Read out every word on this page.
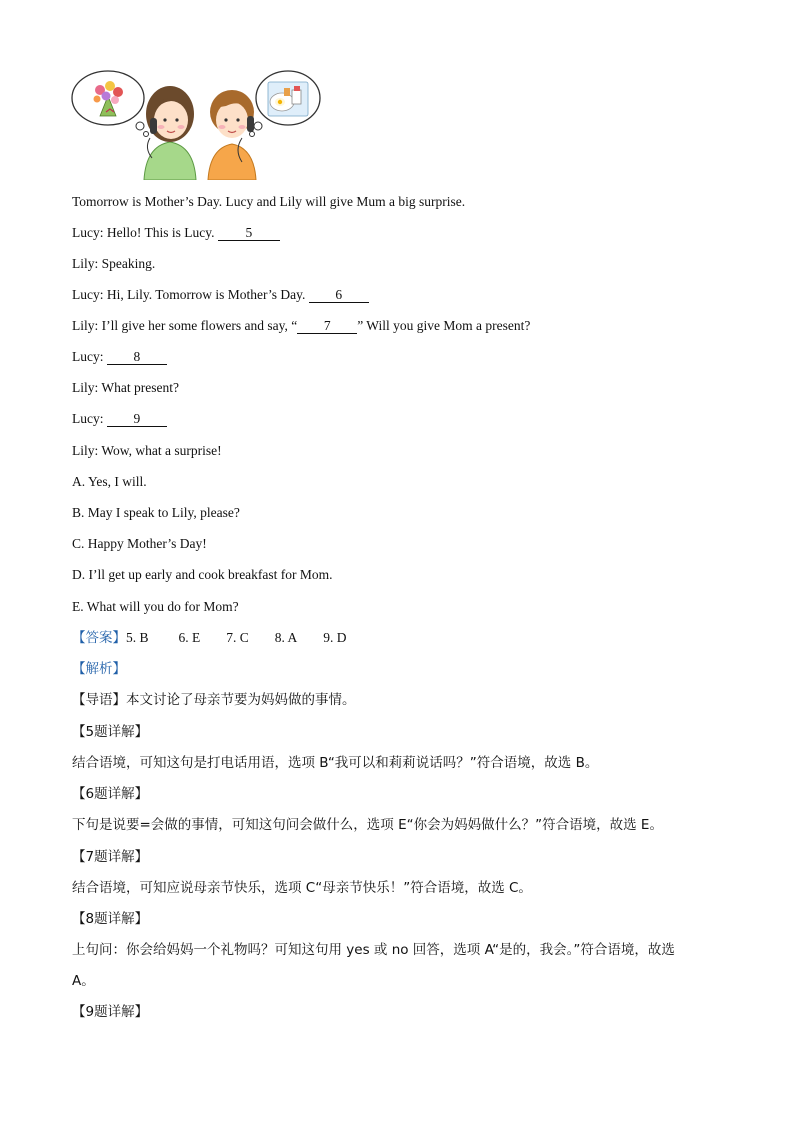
Tomorrow is Mother’s Day. Lucy and Lily will give Mum a big surprise.
Lucy: Hello! This is Lucy. 5
Lily: Speaking.
Lucy: Hi, Lily. Tomorrow is Mother’s Day. 6
Lily: I’ll give her some flowers and say, “ 7 ” Will you give Mom a present?
Lucy: 8
Lily: What present?
Lucy: 9
Lily: Wow, what a surprise!
A. Yes, I will.
B. May I speak to Lily, please?
C. Happy Mother’s Day!
D. I’ll get up early and cook breakfast for Mom.
E. What will you do for Mom?
【答案】5. B 6. E 7. C 8. A 9. D
【解析】
【导语】本文讨论了母亲节要为妈妈做的事情。
【5题详解】
结合语境，可知这句是打电话用语，选项 B“我可以和莉莉说话吗？”符合语境，故选 B。
【6题详解】
下句是说要=会做的事情，可知这句问会做什么，选项 E“你会为妈妈做什么？”符合语境，故选 E。
【7题详解】
结合语境，可知应说母亲节快乐，选项 C“母亲节快乐！”符合语境，故选 C。
【8题详解】
上句问：你会给妈妈一个礼物吗？可知这句用 yes 或 no 回答，选项 A“是的，我会。”符合语境，故选
A。
【9题详解】
